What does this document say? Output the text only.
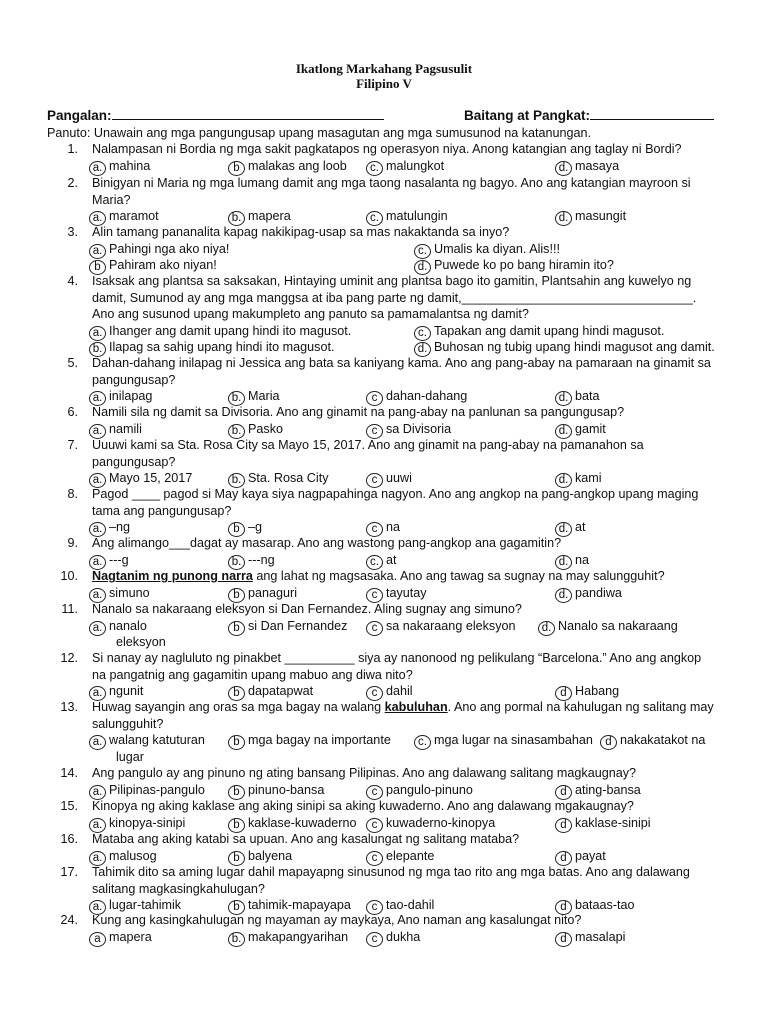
Ikatlong Markahang Pagsusulit
Filipino V
Pangalan:	Baitang at Pangkat:
Panuto: Unawain ang mga pangungusap upang masagutan ang mga sumusunod na katanungan.
1. Nalampasan ni Bordia ng mga sakit pagkatapos ng operasyon niya. Anong katangian ang taglay ni Bordi?
a. mahina	b malakas ang loob	c. malungkot	d. masaya
2. Binigyan ni Maria ng mga lumang damit ang mga taong nasalanta ng bagyo. Ano ang katangian mayroon si
Maria?
a. maramot	b. mapera	c. matulungin	d. masungit
3. Alin tamang pananalita kapag nakikipag-usap sa mas nakaktanda sa inyo?
a. Pahingi nga ako niya!	c. Umalis ka diyan. Alis!!!
b Pahiram ako niyan!	d. Puwede ko po bang hiramin ito?
4. Isaksak ang plantsa sa saksakan, Hintaying uminit ang plantsa bago ito gamitin, Plantsahin ang kuwelyo ng
damit, Sumunod ay ang mga manggsa at iba pang parte ng damit,_________________________________.
Ano ang susunod upang makumpleto ang panuto sa pamamalantsa ng damit?
a. Ihanger ang damit upang hindi ito magusot.	c. Tapakan ang damit upang hindi magusot.
b. Ilapag sa sahig upang hindi ito magusot.	d. Buhosan ng tubig upang hindi magusot ang damit.
5. Dahan-dahang inilapag ni Jessica ang bata sa kaniyang kama. Ano ang pang-abay na pamaraan na ginamit sa
pangungusap?
a. inilapag	b. Maria	c dahan-dahang	d. bata
6. Namili sila ng damit sa Divisoria. Ano ang ginamit na pang-abay na panlunan sa pangungusap?
a. namili	b. Pasko	c sa Divisoria	d. gamit
7. Uuuwi kami sa Sta. Rosa City sa Mayo 15, 2017. Ano ang ginamit na pang-abay na pamanahon sa
pangungusap?
a. Mayo 15, 2017	b. Sta. Rosa City	c uuwi	d. kami
8. Pagod ____ pagod si May kaya siya nagpapahinga nagyon. Ano ang angkop na pang-angkop upang maging
tama ang pangungusap?
a. –ng	b –g	c na	d. at
9. Ang alimango___dagat ay masarap. Ano ang wastong pang-angkop ana gagamitin?
a. ---g	b. ---ng	c. at	d. na
10. Nagtanim ng punong narra ang lahat ng magsasaka. Ano ang tawag sa sugnay na may salungguhit?
a. simuno	b panaguri	c tayutay	d. pandiwa
11. Nanalo sa nakaraang eleksyon si Dan Fernandez. Aling sugnay ang simuno?
a. nanalo	b si Dan Fernandez	c sa nakaraang eleksyon	d. Nanalo sa nakaraang
eleksyon
12. Si nanay ay nagluluto ng pinakbet __________ siya ay nanonood ng pelikulang “Barcelona.” Ano ang angkop
na pangatnig ang gagamitin upang mabuo ang diwa nito?
a. ngunit	b dapatapwat	c dahil	d Habang
13. Huwag sayangin ang oras sa mga bagay na walang kabuluhan. Ano ang pormal na kahulugan ng salitang may
salungguhit?
a. walang katuturan	b mga bagay na importante	c. mga lugar na sinasambahan	d nakakatakot na
lugar
14. Ang pangulo ay ang pinuno ng ating bansang Pilipinas. Ano ang dalawang salitang magkaugnay?
a. Pilipinas-pangulo	b pinuno-bansa	c pangulo-pinuno	d ating-bansa
15. Kinopya ng aking kaklase ang aking sinipi sa aking kuwaderno. Ano ang dalawang mgakaugnay?
a. kinopya-sinipi	b kaklase-kuwaderno	c kuwaderno-kinopya	d kaklase-sinipi
16. Mataba ang aking katabi sa upuan. Ano ang kasalungat ng salitang mataba?
a. malusog	b balyena	c elepante	d payat
17. Tahimik dito sa aming lugar dahil mapayapng sinusunod ng mga tao rito ang mga batas. Ano ang dalawang
salitang magkasingkahulugan?
a. lugar-tahimik	b tahimik-mapayapa	c tao-dahil	d bataas-tao
24. Kung ang kasingkahulugan ng mayaman ay maykaya, Ano naman ang kasalungat nito?
a mapera	b. makapangyarihan	c dukha	d masalapi
